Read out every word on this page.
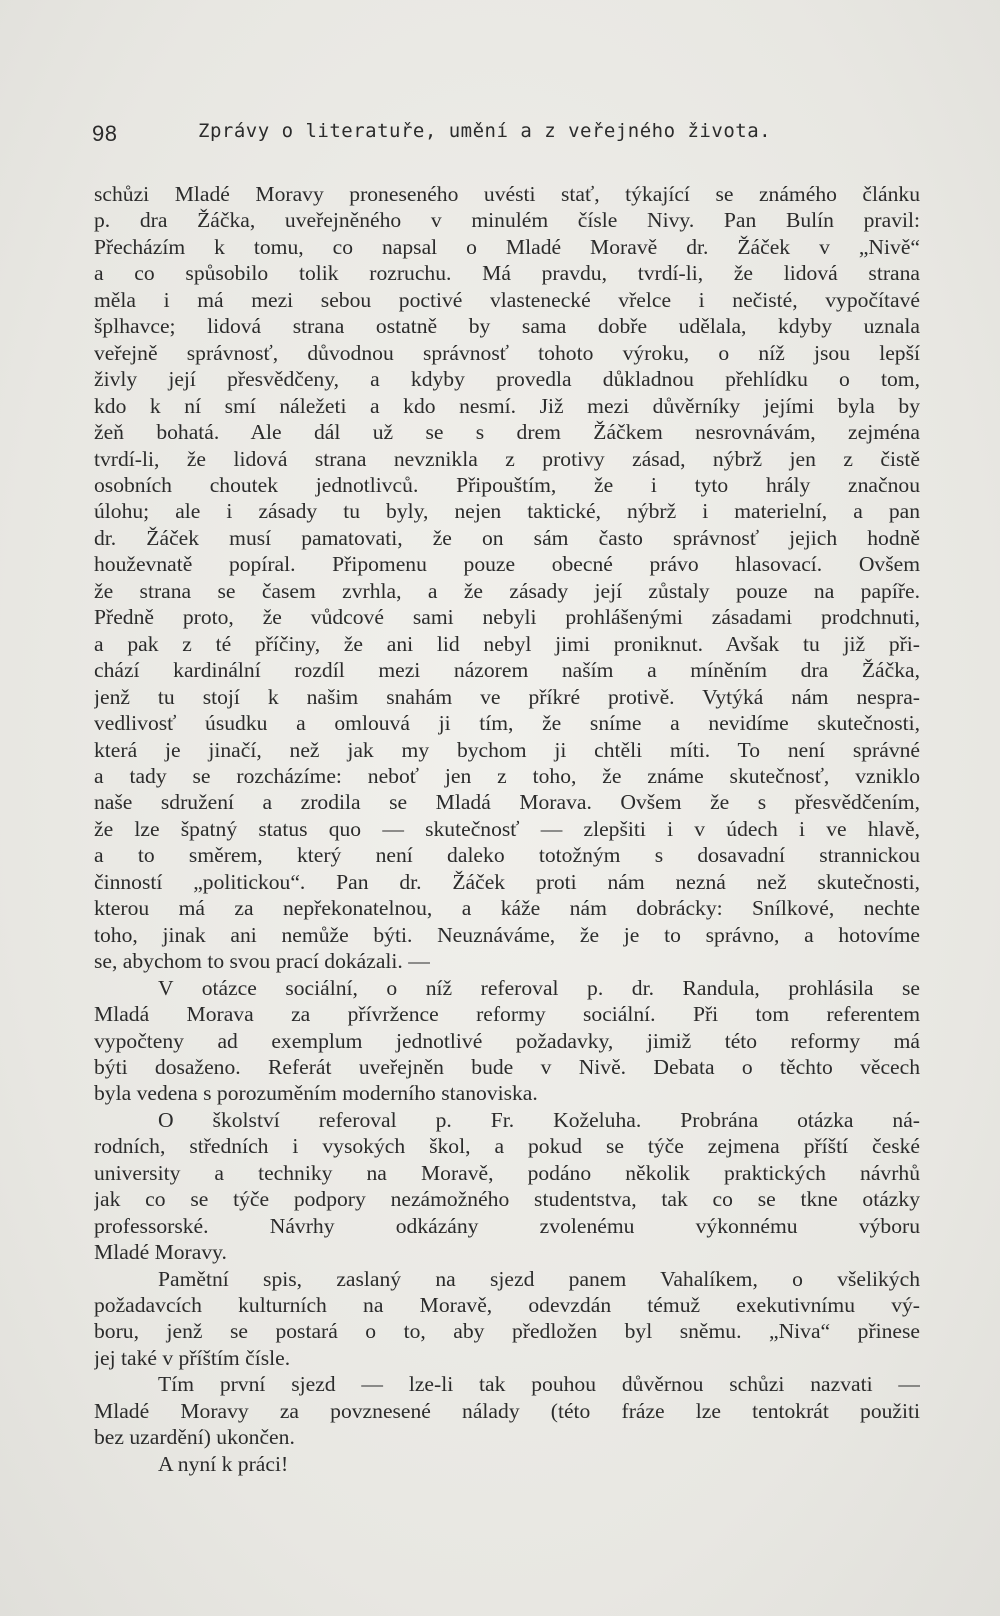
98	Zprávy o literatuře, umění a z veřejného života.

schůzi Mladé Moravy proneseného uvésti stať, týkající se známého článku
p. dra Žáčka, uveřejněného v minulém čísle Nivy. Pan Bulín pravil:
Přecházím k tomu, co napsal o Mladé Moravě dr. Žáček v „Nivě“
a co spůsobilo tolik rozruchu. Má pravdu, tvrdí-li, že lidová strana
měla i má mezi sebou poctivé vlastenecké vřelce i nečisté, vypočítavé
šplhavce; lidová strana ostatně by sama dobře udělala, kdyby uznala
veřejně správnosť, důvodnou správnosť tohoto výroku, o níž jsou lepší
živly její přesvědčeny, a kdyby provedla důkladnou přehlídku o tom,
kdo k ní smí náležeti a kdo nesmí. Již mezi důvěrníky jejími byla by
žeň bohatá. Ale dál už se s drem Žáčkem nesrovnávám, zejména
tvrdí-li, že lidová strana nevznikla z protivy zásad, nýbrž jen z čistě
osobních choutek jednotlivců. Připouštím, že i tyto hrály značnou
úlohu; ale i zásady tu byly, nejen taktické, nýbrž i materielní, a pan
dr. Žáček musí pamatovati, že on sám často správnosť jejich hodně
houževnatě popíral. Připomenu pouze obecné právo hlasovací. Ovšem
že strana se časem zvrhla, a že zásady její zůstaly pouze na papíře.
Předně proto, že vůdcové sami nebyli prohlášenými zásadami prodchnuti,
a pak z té příčiny, že ani lid nebyl jimi proniknut. Avšak tu již při-
chází kardinální rozdíl mezi názorem naším a míněním dra Žáčka,
jenž tu stojí k našim snahám ve příkré protivě. Vytýká nám nespra-
vedlivosť úsudku a omlouvá ji tím, že snímе a nevidíme skutečnosti,
která je jinačí, než jak my bychom ji chtěli míti. To není správné
a tady se rozcházíme: neboť jen z toho, že známe skutečnosť, vzniklo
naše sdružení a zrodila se Mladá Morava. Ovšem že s přesvědčením,
že lze špatný status quo — skutečnosť — zlepšiti i v údech i ve hlavě,
a to směrem, který není daleko totožným s dosavadní strannickou
činností „politickou“. Pan dr. Žáček proti nám nezná než skutečnosti,
kterou má za nepřekonatelnou, a káže nám dobrácky: Snílkové, nechte
toho, jinak ani nemůže býti. Neuznáváme, že je to správno, a hotovíme
se, abychom to svou prací dokázali. —

V otázce sociální, o níž referoval p. dr. Randula, prohlásila se
Mladá Morava za přívržence reformy sociální. Při tom referentem
vypočteny ad exemplum jednotlivé požadavky, jimiž této reformy má
býti dosaženo. Referát uveřejněn bude v Nivě. Debata o těchto věcech
byla vedena s porozuměním moderního stanoviska.

O školství referoval p. Fr. Koželuha. Probrána otázka ná-
rodních, středních i vysokých škol, a pokud se týče zejmena příští české
university a techniky na Moravě, podáno několik praktických návrhů
jak co se týče podpory nezámožného studentstva, tak co se tkne otázky
professorské. Návrhy odkázány zvolenému výkonnému výboru
Mladé Moravy.

Pamětní spis, zaslaný na sjezd panem Vahalíkem, o všelikých
požadavcích kulturních na Moravě, odevzdán témuž exekutivnímu vý-
boru, jenž se postará o to, aby předložen byl sněmu. „Niva“ přinese
jej také v příštím čísle.

Tím první sjezd — lze-li tak pouhou důvěrnou schůzi nazvati —
Mladé Moravy za povznesené nálady (této fráze lze tentokrát použiti
bez uzardění) ukončen.

A nyní k práci!
